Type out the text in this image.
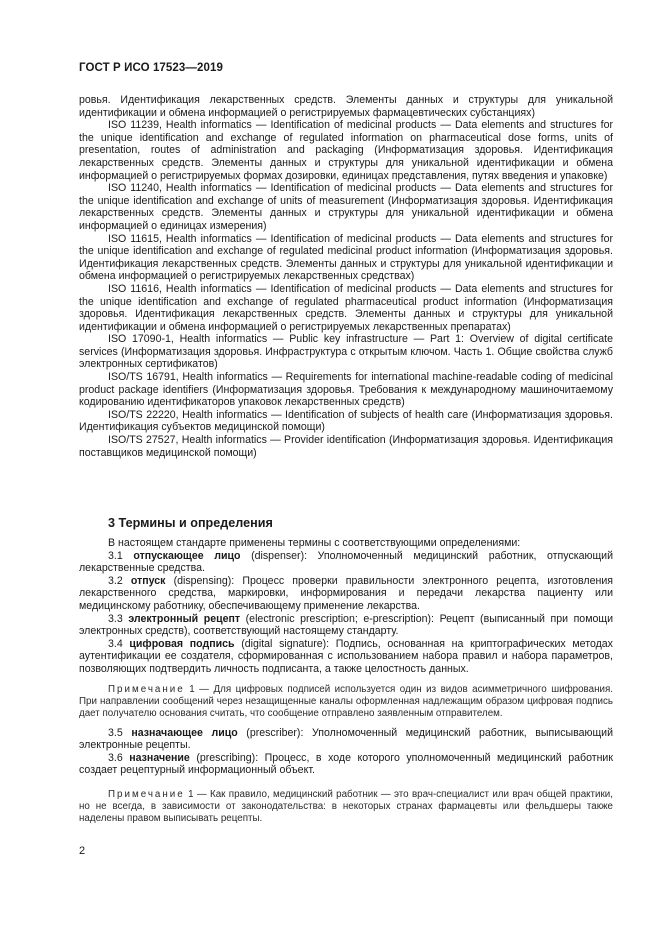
ГОСТ Р ИСО 17523—2019

ровья. Идентификация лекарственных средств. Элементы данных и структуры для уникальной идентификации и обмена информацией о регистрируемых фармацевтических субстанциях)

ISO 11239, Health informatics — Identification of medicinal products — Data elements and structures for the unique identification and exchange of regulated information on pharmaceutical dose forms, units of presentation, routes of administration and packaging (Информатизация здоровья. Идентификация лекарственных средств. Элементы данных и структуры для уникальной идентификации и обмена информацией о регистрируемых формах дозировки, единицах представления, путях введения и упаковке)

ISO 11240, Health informatics — Identification of medicinal products — Data elements and structures for the unique identification and exchange of units of measurement (Информатизация здоровья. Идентификация лекарственных средств. Элементы данных и структуры для уникальной идентификации и обмена информацией о единицах измерения)

ISO 11615, Health informatics — Identification of medicinal products — Data elements and structures for the unique identification and exchange of regulated medicinal product information (Информатизация здоровья. Идентификация лекарственных средств. Элементы данных и структуры для уникальной идентификации и обмена информацией о регистрируемых лекарственных средствах)

ISO 11616, Health informatics — Identification of medicinal products — Data elements and structures for the unique identification and exchange of regulated pharmaceutical product information (Информатизация здоровья. Идентификация лекарственных средств. Элементы данных и структуры для уникальной идентификации и обмена информацией о регистрируемых лекарственных препаратах)

ISO 17090-1, Health informatics — Public key infrastructure — Part 1: Overview of digital certificate services (Информатизация здоровья. Инфраструктура с открытым ключом. Часть 1. Общие свойства служб электронных сертификатов)

ISO/TS 16791, Health informatics — Requirements for international machine-readable coding of medicinal product package identifiers (Информатизация здоровья. Требования к международному машиночитаемому кодированию идентификаторов упаковок лекарственных средств)

ISO/TS 22220, Health informatics — Identification of subjects of health care (Информатизация здоровья. Идентификация субъектов медицинской помощи)

ISO/TS 27527, Health informatics — Provider identification (Информатизация здоровья. Идентификация поставщиков медицинской помощи)

3 Термины и определения

В настоящем стандарте применены термины с соответствующими определениями:

3.1 отпускающее лицо (dispenser): Уполномоченный медицинский работник, отпускающий лекарственные средства.

3.2 отпуск (dispensing): Процесс проверки правильности электронного рецепта, изготовления лекарственного средства, маркировки, информирования и передачи лекарства пациенту или медицинскому работнику, обеспечивающему применение лекарства.

3.3 электронный рецепт (electronic prescription; e-prescription): Рецепт (выписанный при помощи электронных средств), соответствующий настоящему стандарту.

3.4 цифровая подпись (digital signature): Подпись, основанная на криптографических методах аутентификации ее создателя, сформированная с использованием набора правил и набора параметров, позволяющих подтвердить личность подписанта, а также целостность данных.

Примечание 1 — Для цифровых подписей используется один из видов асимметричного шифрования. При направлении сообщений через незащищенные каналы оформленная надлежащим образом цифровая подпись дает получателю основания считать, что сообщение отправлено заявленным отправителем.

3.5 назначающее лицо (prescriber): Уполномоченный медицинский работник, выписывающий электронные рецепты.

3.6 назначение (prescribing): Процесс, в ходе которого уполномоченный медицинский работник создает рецептурный информационный объект.

Примечание 1 — Как правило, медицинский работник — это врач-специалист или врач общей практики, но не всегда, в зависимости от законодательства: в некоторых странах фармацевты или фельдшеры также наделены правом выписывать рецепты.

2
